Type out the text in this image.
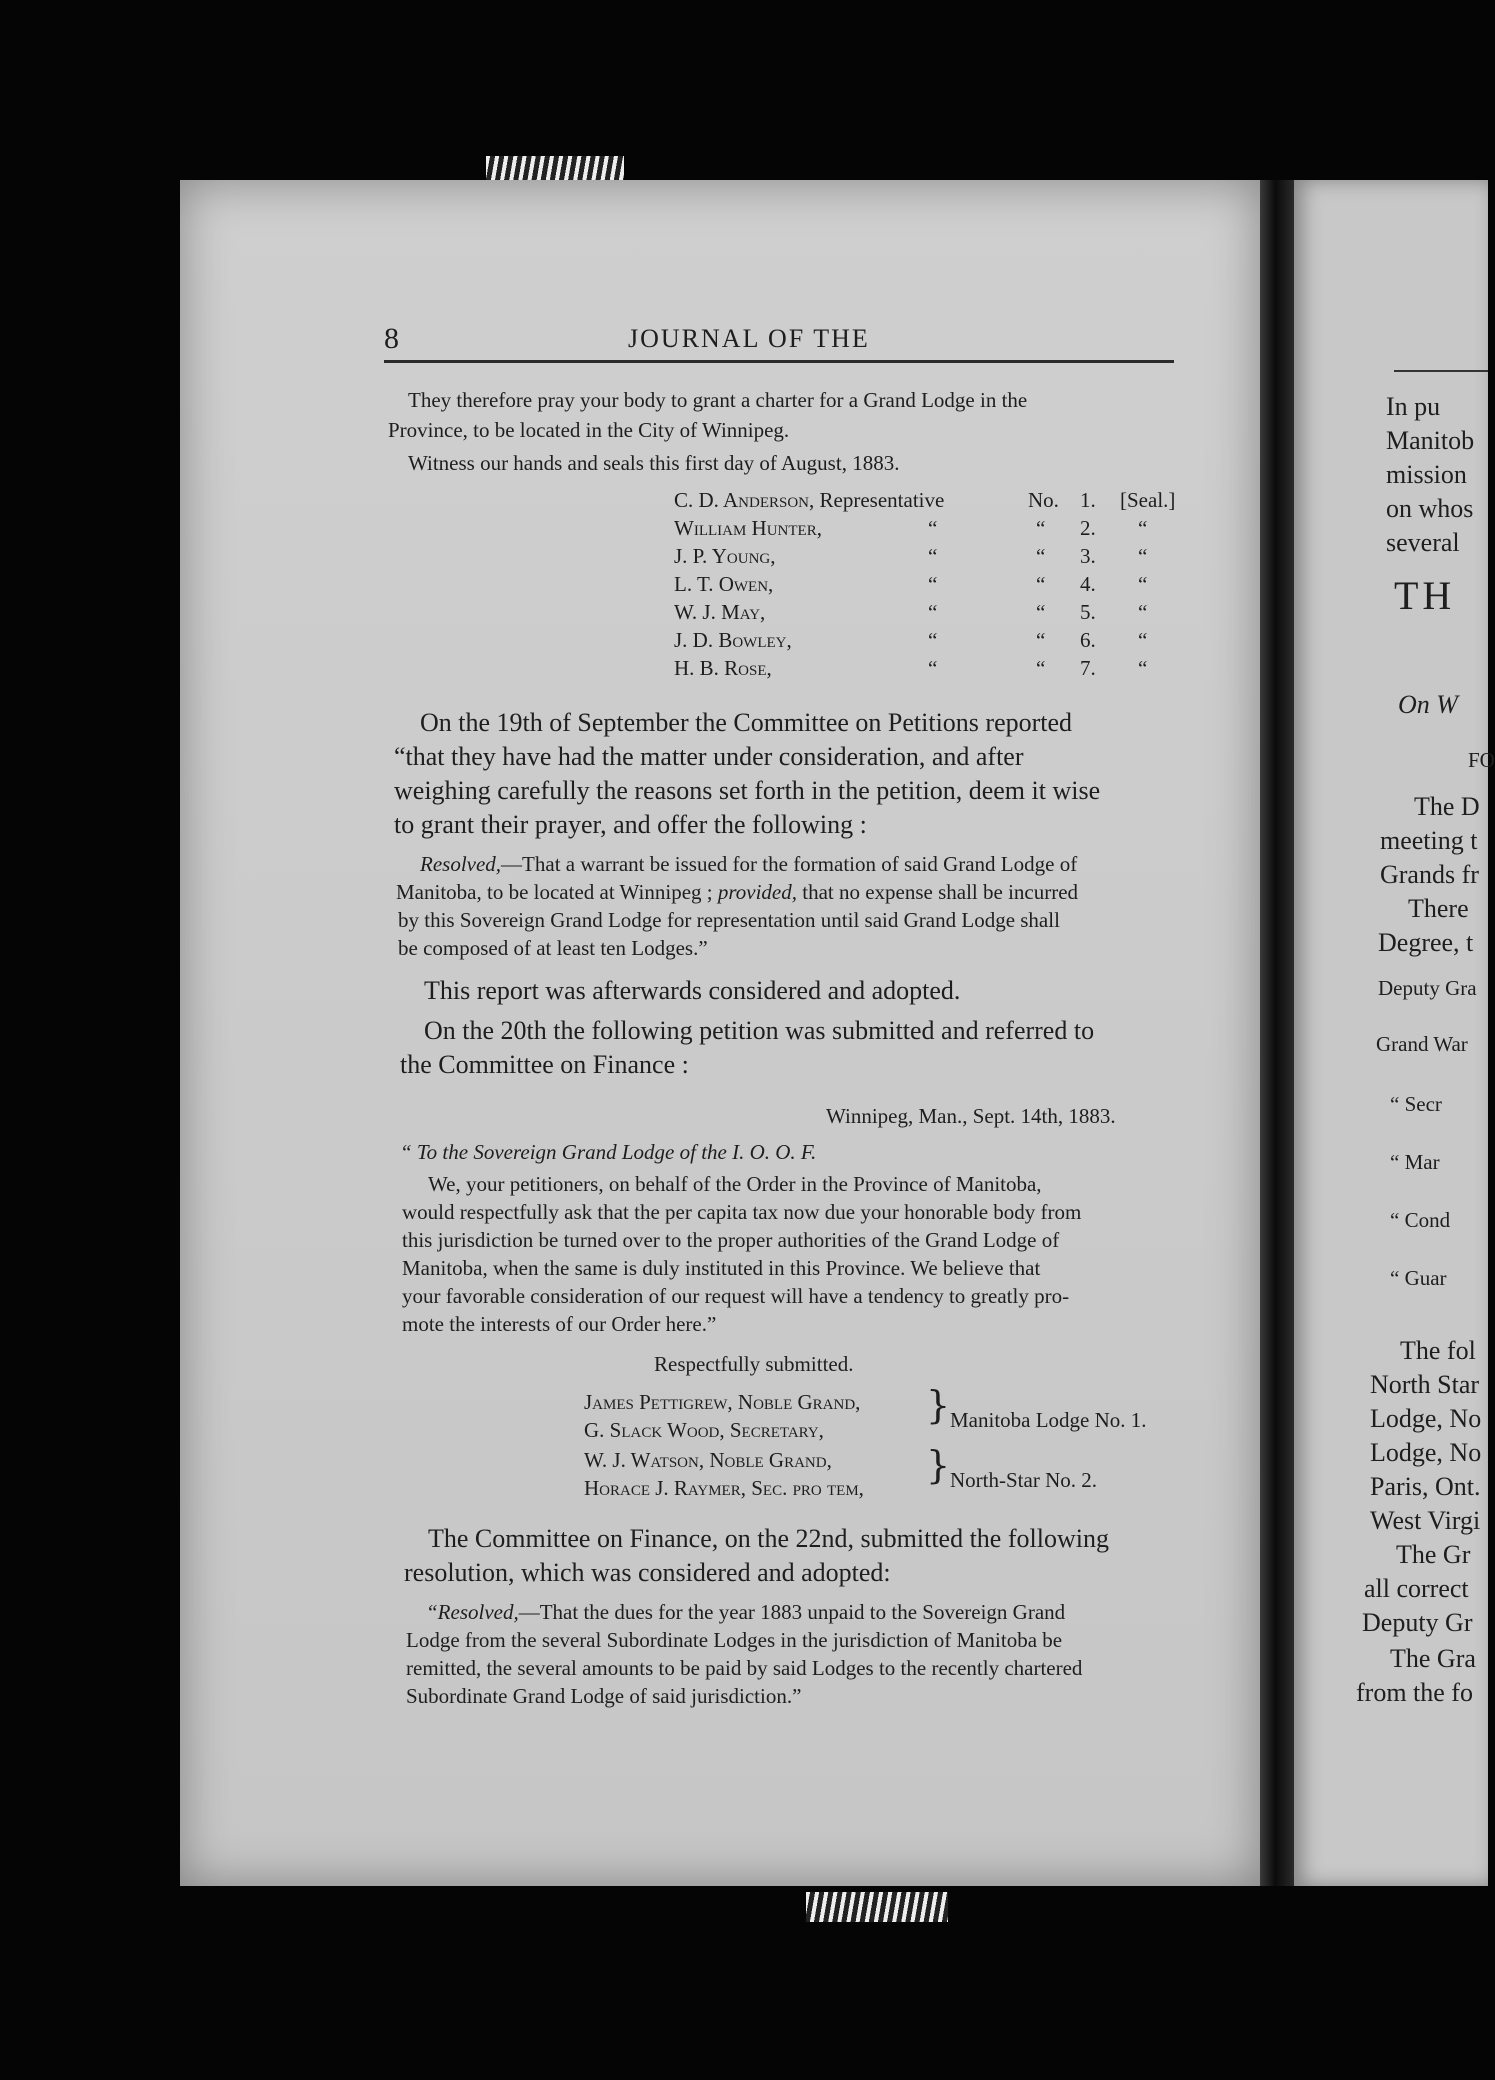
8	JOURNAL OF THE
They therefore pray your body to grant a charter for a Grand Lodge in the
Province, to be located in the City of Winnipeg.
Witness our hands and seals this first day of August, 1883.
C. D. Anderson, Representative	No. 1. [Seal.]
William Hunter,	“	“ 2. “
J. P. Young,	“	“ 3. “
L. T. Owen,	“	“ 4. “
W. J. May,	“	“ 5. “
J. D. Bowley,	“	“ 6. “
H. B. Rose,	“	“ 7. “
On the 19th of September the Committee on Petitions reported
“that they have had the matter under consideration, and after
weighing carefully the reasons set forth in the petition, deem it wise
to grant their prayer, and offer the following :
Resolved,—That a warrant be issued for the formation of said Grand Lodge of
Manitoba, to be located at Winnipeg ; provided, that no expense shall be incurred
by this Sovereign Grand Lodge for representation until said Grand Lodge shall
be composed of at least ten Lodges.”
This report was afterwards considered and adopted.
On the 20th the following petition was submitted and referred to
the Committee on Finance :
Winnipeg, Man., Sept. 14th, 1883.
“ To the Sovereign Grand Lodge of the I. O. O. F.
We, your petitioners, on behalf of the Order in the Province of Manitoba,
would respectfully ask that the per capita tax now due your honorable body from
this jurisdiction be turned over to the proper authorities of the Grand Lodge of
Manitoba, when the same is duly instituted in this Province. We believe that
your favorable consideration of our request will have a tendency to greatly pro-
mote the interests of our Order here.”
Respectfully submitted.
James Pettigrew, Noble Grand,
G. Slack Wood, Secretary,
W. J. Watson, Noble Grand,
Horace J. Raymer, Sec. pro tem,
}
}
Manitoba Lodge No. 1.
North-Star No. 2.
The Committee on Finance, on the 22nd, submitted the following
resolution, which was considered and adopted:
“Resolved,—That the dues for the year 1883 unpaid to the Sovereign Grand
Lodge from the several Subordinate Lodges in the jurisdiction of Manitoba be
remitted, the several amounts to be paid by said Lodges to the recently chartered
Subordinate Grand Lodge of said jurisdiction.”
In pu
Manitob
mission
on whos
several
TH
On W
FO
The D
meeting t
Grands fr
There
Degree, t
Deputy Gra
Grand War
“ Secr
“ Mar
“ Cond
“ Guar
The fol
North Star
Lodge, No
Lodge, No
Paris, Ont.
West Virgi
The Gr
all correct
Deputy Gr
The Gra
from the fo
